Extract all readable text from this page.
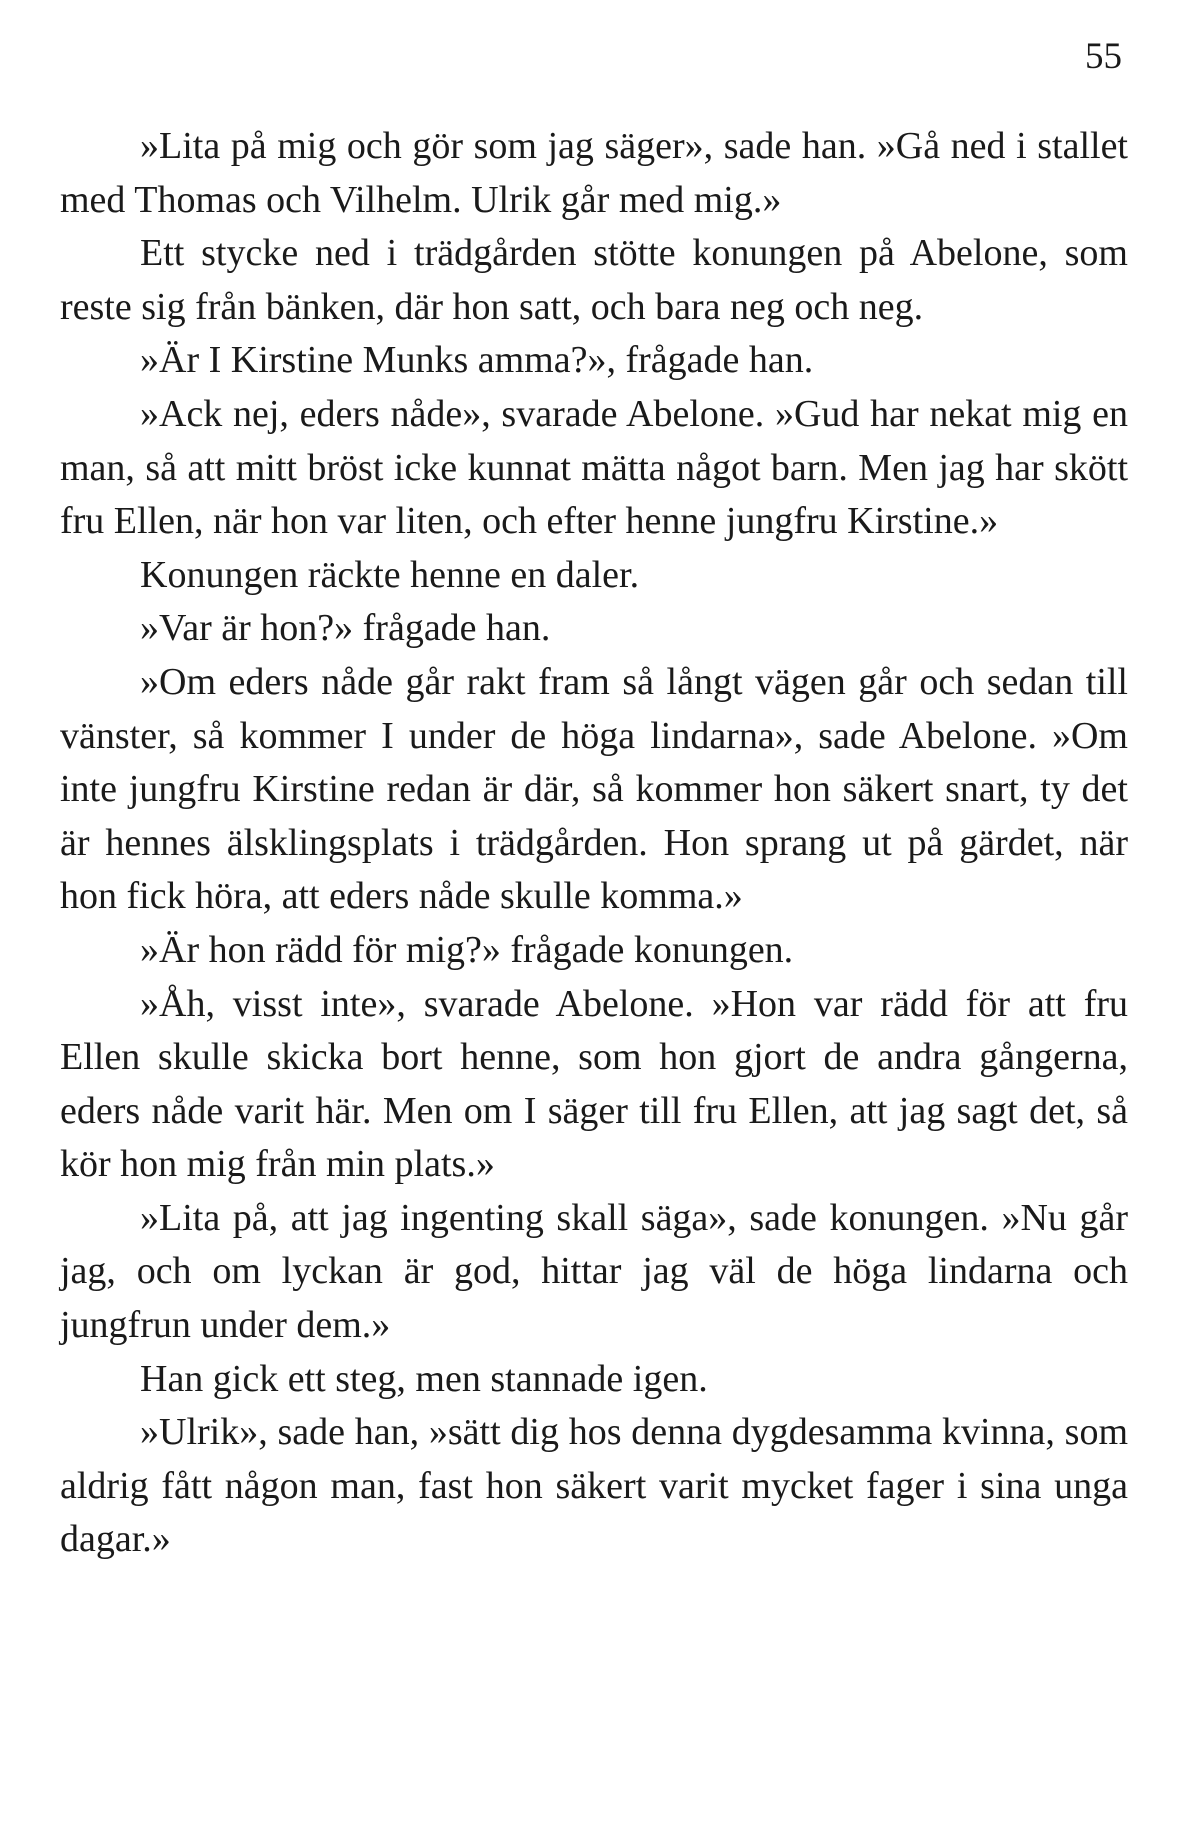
55

»Lita på mig och gör som jag säger», sade han. »Gå ned i stallet med Thomas och Vilhelm. Ulrik går med mig.»

Ett stycke ned i trädgården stötte konungen på Abelone, som reste sig från bänken, där hon satt, och bara neg och neg.

»Är I Kirstine Munks amma?», frågade han.

»Ack nej, eders nåde», svarade Abelone. »Gud har nekat mig en man, så att mitt bröst icke kunnat mätta något barn. Men jag har skött fru Ellen, när hon var liten, och efter henne jungfru Kirstine.»

Konungen räckte henne en daler.

»Var är hon?» frågade han.

»Om eders nåde går rakt fram så långt vägen går och sedan till vänster, så kommer I under de höga lindarna», sade Abelone. »Om inte jungfru Kirstine redan är där, så kommer hon säkert snart, ty det är hennes älsklingsplats i trädgården. Hon sprang ut på gärdet, när hon fick höra, att eders nåde skulle komma.»

»Är hon rädd för mig?» frågade konungen.

»Åh, visst inte», svarade Abelone. »Hon var rädd för att fru Ellen skulle skicka bort henne, som hon gjort de andra gångerna, eders nåde varit här. Men om I säger till fru Ellen, att jag sagt det, så kör hon mig från min plats.»

»Lita på, att jag ingenting skall säga», sade konungen. »Nu går jag, och om lyckan är god, hittar jag väl de höga lindarna och jungfrun under dem.»

Han gick ett steg, men stannade igen.

»Ulrik», sade han, »sätt dig hos denna dygdesamma kvinna, som aldrig fått någon man, fast hon säkert varit mycket fager i sina unga dagar.»
